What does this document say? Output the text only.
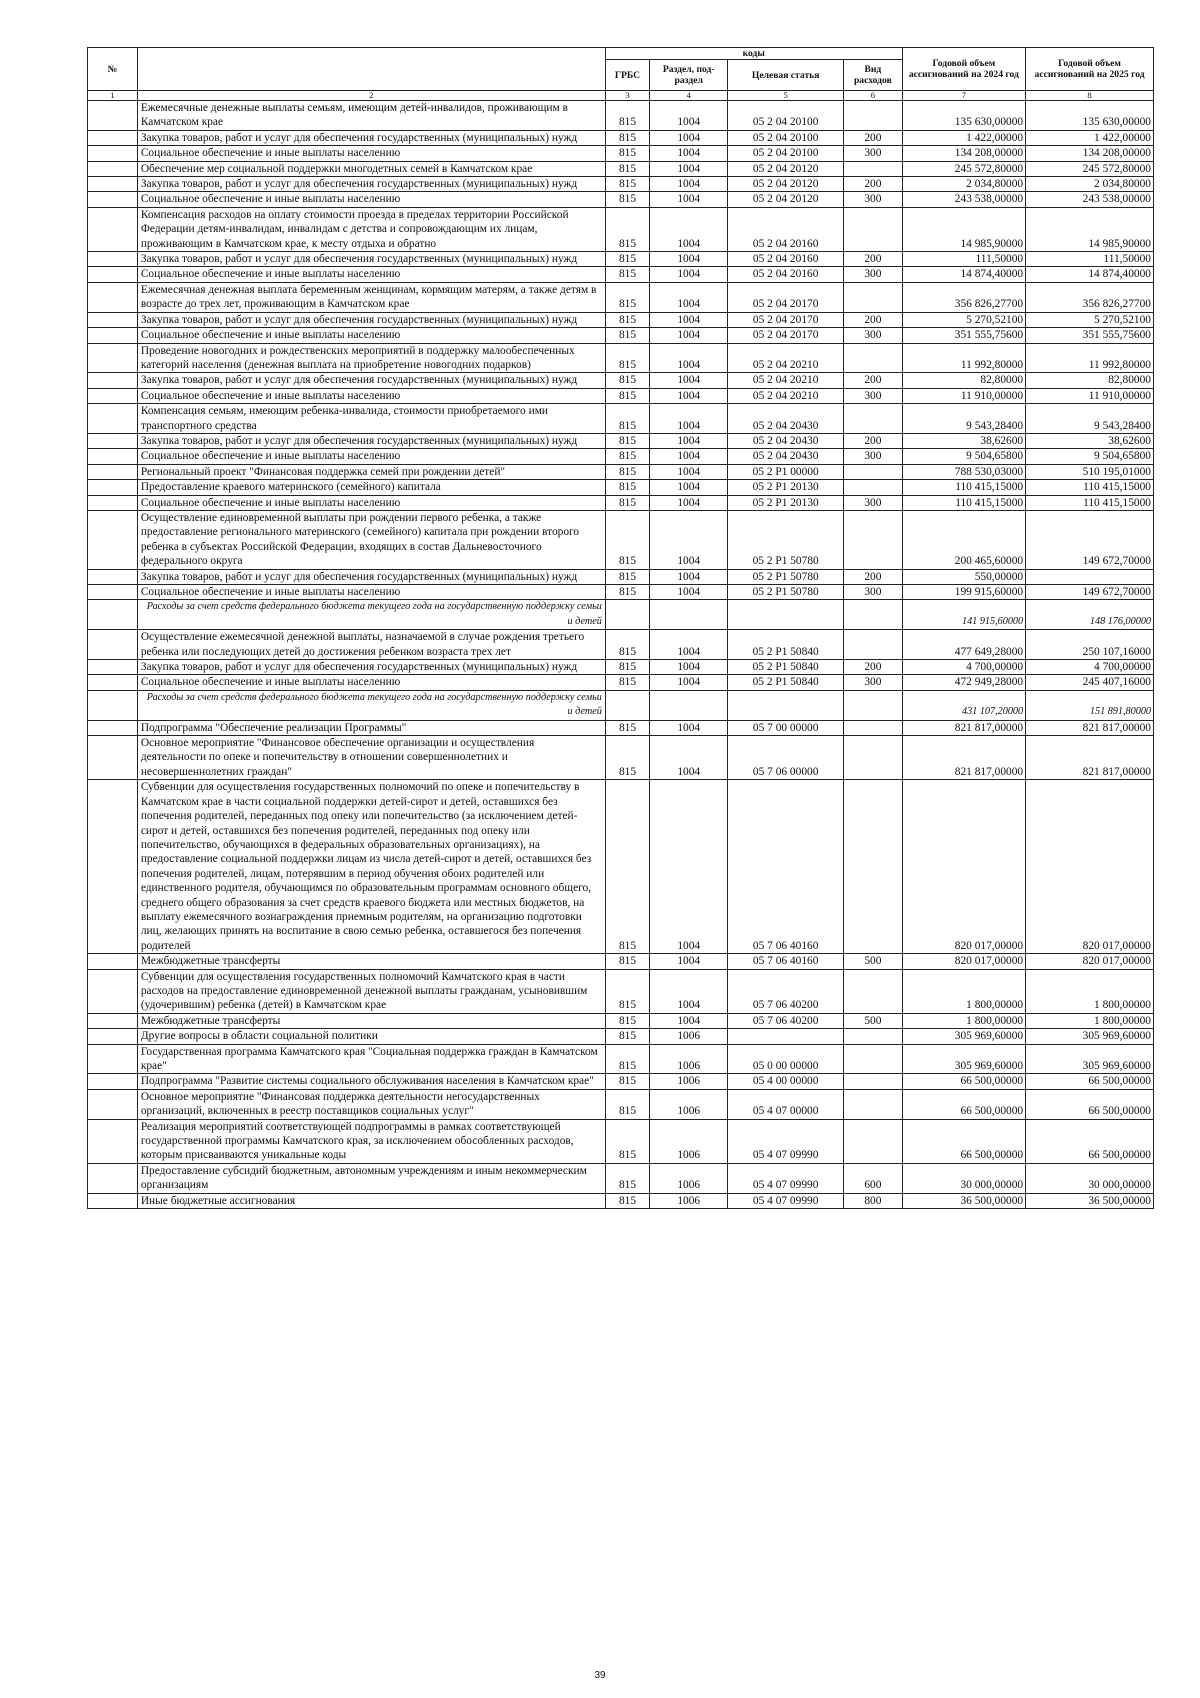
№		коды				Годовой объем ассигнований на 2024 год	Годовой объем ассигнований на 2025 год
		ГРБС	Раздел, под-раздел	Целевая статья	Вид расходов		
1	2	3	4	5	6	7	8
	Ежемесячные денежные выплаты семьям, имеющим детей-инвалидов, проживающим в Камчатском крае	815	1004	05 2 04 20100		135 630,00000	135 630,00000
	Закупка товаров, работ и услуг для обеспечения государственных (муниципальных) нужд	815	1004	05 2 04 20100	200	1 422,00000	1 422,00000
	Социальное обеспечение и иные выплаты населению	815	1004	05 2 04 20100	300	134 208,00000	134 208,00000
	Обеспечение мер социальной поддержки многодетных семей в Камчатском крае	815	1004	05 2 04 20120		245 572,80000	245 572,80000
	Закупка товаров, работ и услуг для обеспечения государственных (муниципальных) нужд	815	1004	05 2 04 20120	200	2 034,80000	2 034,80000
	Социальное обеспечение и иные выплаты населению	815	1004	05 2 04 20120	300	243 538,00000	243 538,00000
	Компенсация расходов на оплату стоимости проезда в пределах территории Российской Федерации детям-инвалидам, инвалидам с детства и сопровождающим их лицам, проживающим в Камчатском крае, к месту отдыха и обратно	815	1004	05 2 04 20160		14 985,90000	14 985,90000
	Закупка товаров, работ и услуг для обеспечения государственных (муниципальных) нужд	815	1004	05 2 04 20160	200	111,50000	111,50000
	Социальное обеспечение и иные выплаты населению	815	1004	05 2 04 20160	300	14 874,40000	14 874,40000
	Ежемесячная денежная выплата беременным женщинам, кормящим матерям, а также детям в возрасте до трех лет, проживающим в Камчатском крае	815	1004	05 2 04 20170		356 826,27700	356 826,27700
	Закупка товаров, работ и услуг для обеспечения государственных (муниципальных) нужд	815	1004	05 2 04 20170	200	5 270,52100	5 270,52100
	Социальное обеспечение и иные выплаты населению	815	1004	05 2 04 20170	300	351 555,75600	351 555,75600
	Проведение новогодних и рождественских мероприятий в поддержку малообеспеченных категорий населения (денежная выплата на приобретение новогодних подарков)	815	1004	05 2 04 20210		11 992,80000	11 992,80000
	Закупка товаров, работ и услуг для обеспечения государственных (муниципальных) нужд	815	1004	05 2 04 20210	200	82,80000	82,80000
	Социальное обеспечение и иные выплаты населению	815	1004	05 2 04 20210	300	11 910,00000	11 910,00000
	Компенсация семьям, имеющим ребенка-инвалида, стоимости приобретаемого ими транспортного средства	815	1004	05 2 04 20430		9 543,28400	9 543,28400
	Закупка товаров, работ и услуг для обеспечения государственных (муниципальных) нужд	815	1004	05 2 04 20430	200	38,62600	38,62600
	Социальное обеспечение и иные выплаты населению	815	1004	05 2 04 20430	300	9 504,65800	9 504,65800
	Региональный проект "Финансовая поддержка семей при рождении детей"	815	1004	05 2 P1 00000		788 530,03000	510 195,01000
	Предоставление краевого материнского (семейного) капитала	815	1004	05 2 P1 20130		110 415,15000	110 415,15000
	Социальное обеспечение и иные выплаты населению	815	1004	05 2 P1 20130	300	110 415,15000	110 415,15000
	Осуществление единовременной выплаты при рождении первого ребенка, а также предоставление регионального материнского (семейного) капитала при рождении второго ребенка в субъектах Российской Федерации, входящих в состав Дальневосточного федерального округа	815	1004	05 2 P1 50780		200 465,60000	149 672,70000
	Закупка товаров, работ и услуг для обеспечения государственных (муниципальных) нужд	815	1004	05 2 P1 50780	200	550,00000	
	Социальное обеспечение и иные выплаты населению	815	1004	05 2 P1 50780	300	199 915,60000	149 672,70000
	Расходы за счет средств федерального бюджета текущего года на государственную поддержку семьи и детей					141 915,60000	148 176,00000
	Осуществление ежемесячной денежной выплаты, назначаемой в случае рождения третьего ребенка или последующих детей до достижения ребенком возраста трех лет	815	1004	05 2 P1 50840		477 649,28000	250 107,16000
	Закупка товаров, работ и услуг для обеспечения государственных (муниципальных) нужд	815	1004	05 2 P1 50840	200	4 700,00000	4 700,00000
	Социальное обеспечение и иные выплаты населению	815	1004	05 2 P1 50840	300	472 949,28000	245 407,16000
	Расходы за счет средств федерального бюджета текущего года на государственную поддержку семьи и детей					431 107,20000	151 891,80000
	Подпрограмма "Обеспечение реализации Программы"	815	1004	05 7 00 00000		821 817,00000	821 817,00000
	Основное мероприятие "Финансовое обеспечение организации и осуществления деятельности по опеке и попечительству в отношении совершеннолетних и несовершеннолетних граждан"	815	1004	05 7 06 00000		821 817,00000	821 817,00000
	Субвенции для осуществления государственных полномочий по опеке и попечительству в Камчатском крае в части социальной поддержки детей-сирот и детей, оставшихся без попечения родителей, переданных под опеку или попечительство (за исключением детей-сирот и детей, оставшихся без попечения родителей, переданных под опеку или попечительство, обучающихся в федеральных образовательных организациях), на предоставление социальной поддержки лицам из числа детей-сирот и детей, оставшихся без попечения родителей, лицам, потерявшим в период обучения обоих родителей или единственного родителя, обучающимся по образовательным программам основного общего, среднего общего образования за счет средств краевого бюджета или местных бюджетов, на выплату ежемесячного вознаграждения приемным родителям, на организацию подготовки лиц, желающих принять на воспитание в свою семью ребенка, оставшегося без попечения родителей	815	1004	05 7 06 40160		820 017,00000	820 017,00000
	Межбюджетные трансферты	815	1004	05 7 06 40160	500	820 017,00000	820 017,00000
	Субвенции для осуществления государственных полномочий Камчатского края в части расходов на предоставление единовременной денежной выплаты гражданам, усыновившим (удочерившим) ребенка (детей) в Камчатском крае	815	1004	05 7 06 40200		1 800,00000	1 800,00000
	Межбюджетные трансферты	815	1004	05 7 06 40200	500	1 800,00000	1 800,00000
	Другие вопросы в области социальной политики	815	1006			305 969,60000	305 969,60000
	Государственная программа Камчатского края "Социальная поддержка граждан в Камчатском крае"	815	1006	05 0 00 00000		305 969,60000	305 969,60000
	Подпрограмма "Развитие системы социального обслуживания населения в Камчатском крае"	815	1006	05 4 00 00000		66 500,00000	66 500,00000
	Основное мероприятие "Финансовая поддержка деятельности негосударственных организаций, включенных в реестр поставщиков социальных услуг"	815	1006	05 4 07 00000		66 500,00000	66 500,00000
	Реализация мероприятий соответствующей подпрограммы в рамках соответствующей государственной программы Камчатского края, за исключением обособленных расходов, которым присваиваются уникальные коды	815	1006	05 4 07 09990		66 500,00000	66 500,00000
	Предоставление субсидий бюджетным, автономным учреждениям и иным некоммерческим организациям	815	1006	05 4 07 09990	600	30 000,00000	30 000,00000
	Иные бюджетные ассигнования	815	1006	05 4 07 09990	800	36 500,00000	36 500,00000
39
